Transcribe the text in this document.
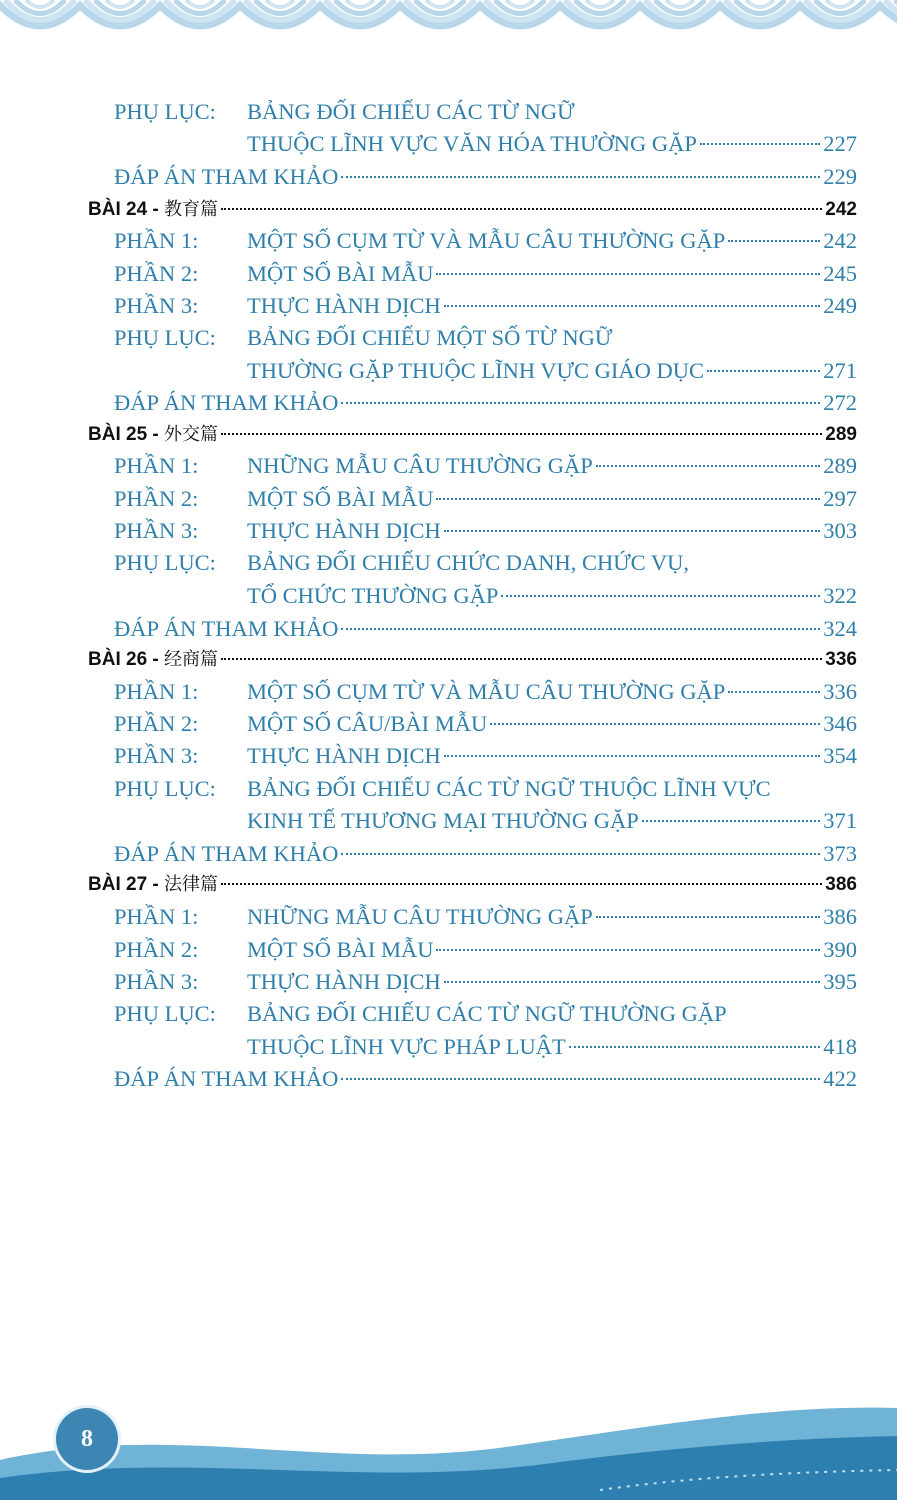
PHỤ LỤC: BẢNG ĐỐI CHIẾU CÁC TỪ NGỮ
THUỘC LĨNH VỰC VĂN HÓA THƯỜNG GẶP	227
ĐÁP ÁN THAM KHẢO	229
BÀI 24 - 教育篇	242
PHẦN 1: MỘT SỐ CỤM TỪ VÀ MẪU CÂU THƯỜNG GẶP	242
PHẦN 2: MỘT SỐ BÀI MẪU	245
PHẦN 3: THỰC HÀNH DỊCH	249
PHỤ LỤC: BẢNG ĐỐI CHIẾU MỘT SỐ TỪ NGỮ
THƯỜNG GẶP THUỘC LĨNH VỰC GIÁO DỤC	271
ĐÁP ÁN THAM KHẢO	272
BÀI 25 - 外交篇	289
PHẦN 1: NHỮNG MẪU CÂU THƯỜNG GẶP	289
PHẦN 2: MỘT SỐ BÀI MẪU	297
PHẦN 3: THỰC HÀNH DỊCH	303
PHỤ LỤC: BẢNG ĐỐI CHIẾU CHỨC DANH, CHỨC VỤ,
TỔ CHỨC THƯỜNG GẶP	322
ĐÁP ÁN THAM KHẢO	324
BÀI 26 - 经商篇	336
PHẦN 1: MỘT SỐ CỤM TỪ VÀ MẪU CÂU THƯỜNG GẶP	336
PHẦN 2: MỘT SỐ CÂU/BÀI MẪU	346
PHẦN 3: THỰC HÀNH DỊCH	354
PHỤ LỤC: BẢNG ĐỐI CHIẾU CÁC TỪ NGỮ THUỘC LĨNH VỰC
KINH TẾ THƯƠNG MẠI THƯỜNG GẶP	371
ĐÁP ÁN THAM KHẢO	373
BÀI 27 - 法律篇	386
PHẦN 1: NHỮNG MẪU CÂU THƯỜNG GẶP	386
PHẦN 2: MỘT SỐ BÀI MẪU	390
PHẦN 3: THỰC HÀNH DỊCH	395
PHỤ LỤC: BẢNG ĐỐI CHIẾU CÁC TỪ NGỮ THƯỜNG GẶP
THUỘC LĨNH VỰC PHÁP LUẬT	418
ĐÁP ÁN THAM KHẢO	422
8
